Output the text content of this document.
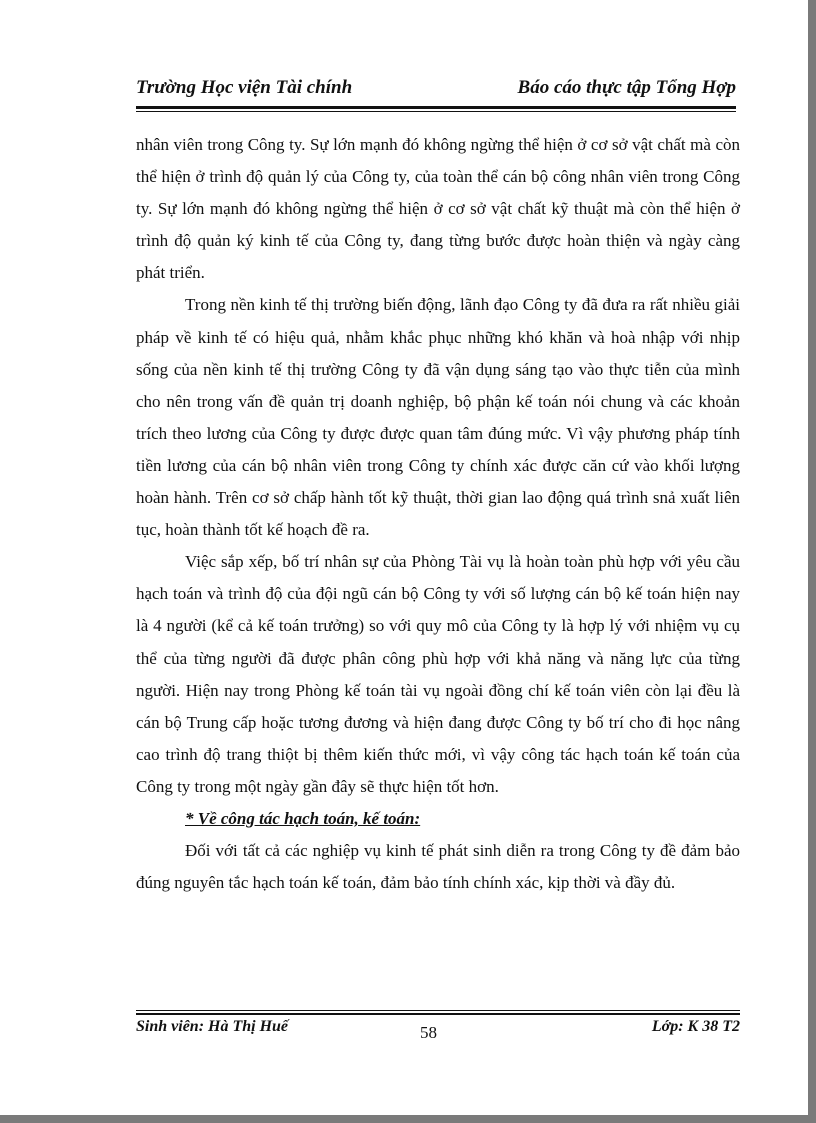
Trường Học viện Tài chính	Báo cáo thực tập Tổng Hợp

nhân viên trong Công ty. Sự lớn mạnh đó không ngừng thể hiện ở cơ sở vật chất mà còn thể hiện ở trình độ quản lý của Công ty, của toàn thể cán bộ công nhân viên trong Công ty. Sự lớn mạnh đó không ngừng thể hiện ở cơ sở vật chất kỹ thuật mà còn thể hiện ở trình độ quản ký kinh tế của Công ty, đang từng bước được hoàn thiện và ngày càng phát triển.

Trong nền kinh tế thị trường biến động, lãnh đạo Công ty đã đưa ra rất nhiều giải pháp về kinh tế có hiệu quả, nhằm khắc phục những khó khăn và hoà nhập với nhịp sống của nền kinh tế thị trường Công ty đã vận dụng sáng tạo vào thực tiễn của mình cho nên trong vấn đề quản trị doanh nghiệp, bộ phận kế toán nói chung và các khoản trích theo lương của Công ty được được quan tâm đúng mức. Vì vậy phương pháp tính tiền lương của cán bộ nhân viên trong Công ty chính xác được căn cứ vào khối lượng hoàn hành. Trên cơ sở chấp hành tốt kỹ thuật, thời gian lao động quá trình snả xuất liên tục, hoàn thành tốt kế hoạch đề ra.

Việc sắp xếp, bố trí nhân sự của Phòng Tài vụ là hoàn toàn phù hợp với yêu cầu hạch toán và trình độ của đội ngũ cán bộ Công ty với số lượng cán bộ kế toán hiện nay là 4 người (kể cả kế toán trưởng) so với quy mô của Công ty là hợp lý với nhiệm vụ cụ thể của từng người đã được phân công phù hợp với khả năng và năng lực của từng người. Hiện nay trong Phòng kế toán tài vụ ngoài đồng chí kế toán viên còn lại đều là cán bộ Trung cấp hoặc tương đương và hiện đang được Công ty bố trí cho đi học nâng cao trình độ trang thiột bị thêm kiến thức mới, vì vậy công tác hạch toán kế toán của Công ty trong một ngày gần đây sẽ thực hiện tốt hơn.

* Về công tác hạch toán, kế toán:

Đối với tất cả các nghiệp vụ kinh tế phát sinh diễn ra trong Công ty đề đảm bảo đúng nguyên tắc hạch toán kế toán, đảm bảo tính chính xác, kịp thời và đầy đủ.

Sinh viên: Hà Thị Huế	58	Lớp: K 38 T2
